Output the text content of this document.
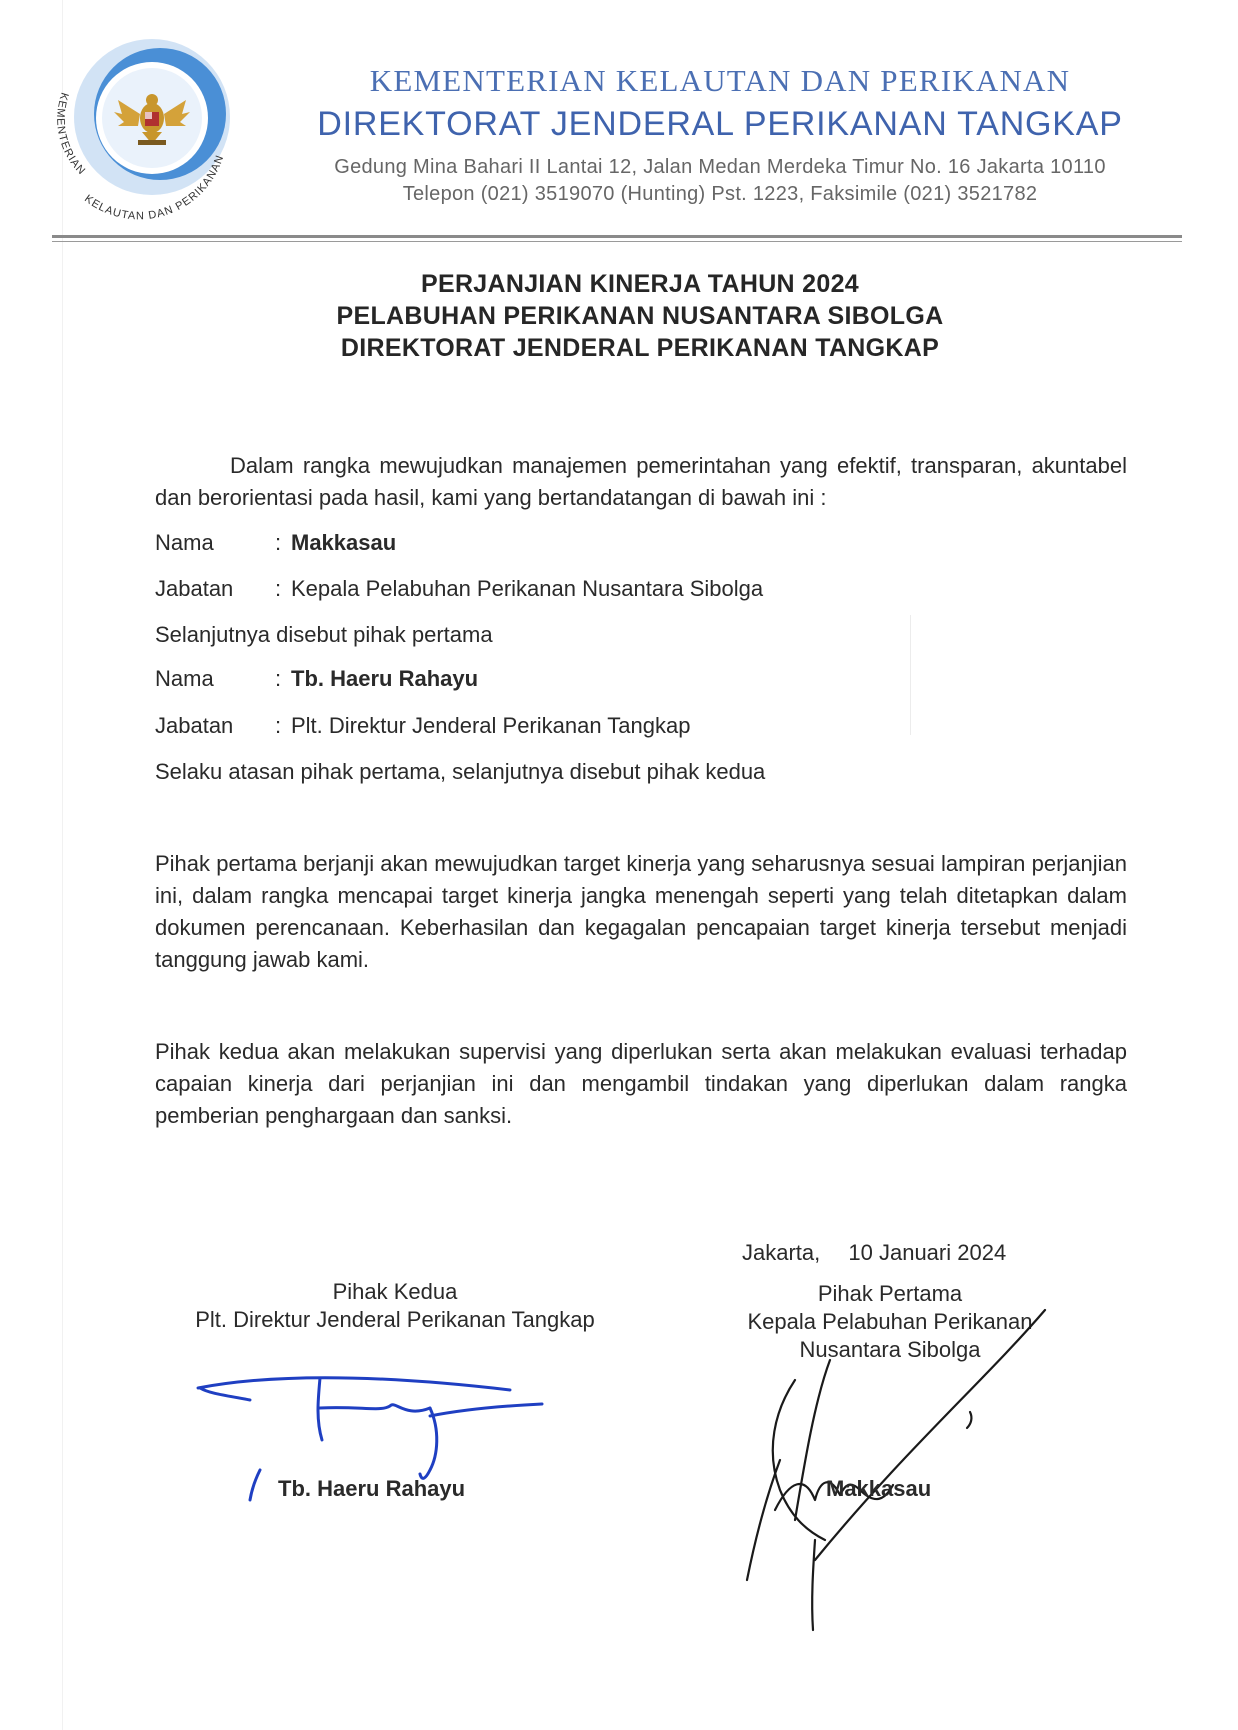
KEMENTERIAN
KELAUTAN DAN PERIKANAN
KEMENTERIAN KELAUTAN DAN PERIKANAN
DIREKTORAT JENDERAL PERIKANAN TANGKAP
Gedung Mina Bahari II Lantai 12, Jalan Medan Merdeka Timur No. 16 Jakarta 10110
Telepon (021) 3519070 (Hunting) Pst. 1223, Faksimile (021) 3521782
PERJANJIAN KINERJA TAHUN 2024
PELABUHAN PERIKANAN NUSANTARA SIBOLGA
DIREKTORAT JENDERAL PERIKANAN TANGKAP
Dalam rangka mewujudkan manajemen pemerintahan yang efektif, transparan, akuntabel dan berorientasi pada hasil, kami yang bertandatangan di bawah ini :
Nama	: Makkasau
Jabatan : Kepala Pelabuhan Perikanan Nusantara Sibolga
Selanjutnya disebut pihak pertama
Nama	: Tb. Haeru Rahayu
Jabatan : Plt. Direktur Jenderal Perikanan Tangkap
Selaku atasan pihak pertama, selanjutnya disebut pihak kedua
Pihak pertama berjanji akan mewujudkan target kinerja yang seharusnya sesuai lampiran perjanjian ini, dalam rangka mencapai target kinerja jangka menengah seperti yang telah ditetapkan dalam dokumen perencanaan. Keberhasilan dan kegagalan pencapaian target kinerja tersebut menjadi tanggung jawab kami.
Pihak kedua akan melakukan supervisi yang diperlukan serta akan melakukan evaluasi terhadap capaian kinerja dari perjanjian ini dan mengambil tindakan yang diperlukan dalam rangka pemberian penghargaan dan sanksi.
Jakarta, 10 Januari 2024
Pihak Kedua
Plt. Direktur Jenderal Perikanan Tangkap
Tb. Haeru Rahayu
Pihak Pertama
Kepala Pelabuhan Perikanan
Nusantara Sibolga
Makkasau
